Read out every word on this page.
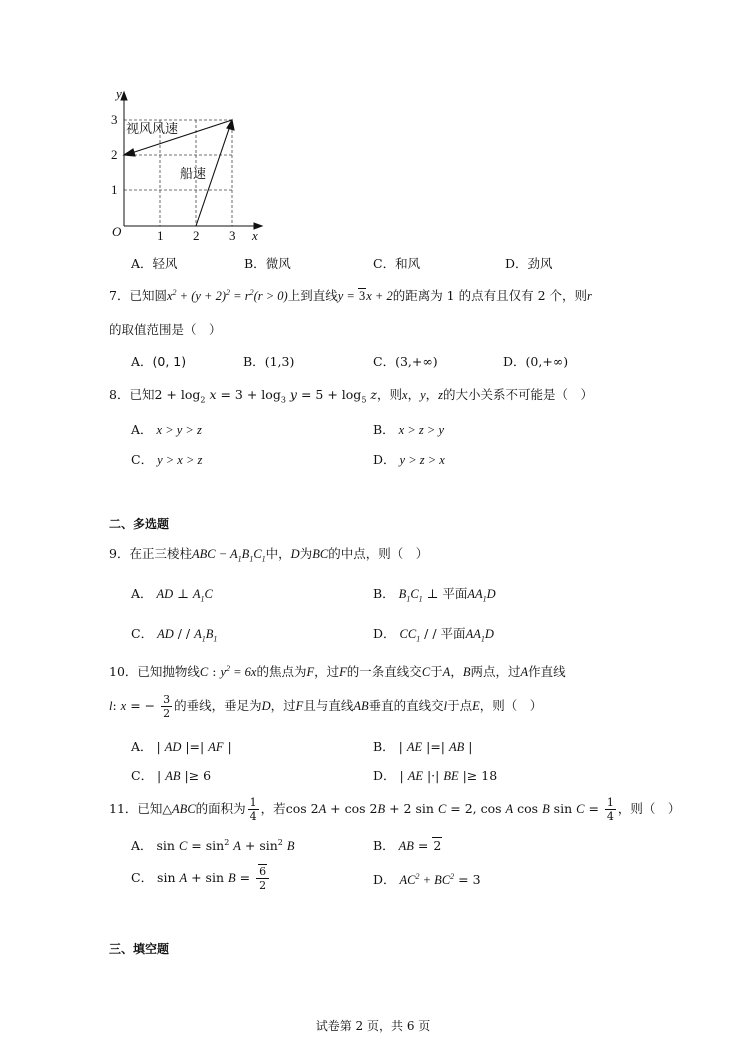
y
x
O	1 2 3
1
2
3
视风风速
船速
A．轻风	B．微风	C．和风	D．劲风
7．已知圆$x^2 + (y + 2)^2 = r^2(r > 0)$上到直线y = 3x + 2的距离为 1 的点有且仅有 2 个，则r
的取值范围是（　）
A．(0, 1)	B．(1,3)	C．(3,+∞)	D．(0,+∞)
8．已知$2 + \log_2 x = 3 + \log_3 y = 5 + \log_5 z$，则x，y，z的大小关系不可能是（　）
A． x > y > z	B． x > z > y
C． y > x > z	D． y > z > x
二、多选题
9．在正三棱柱ABC − $A_1B_1C_1$中，D为BC的中点，则（　）
A． AD ⊥ $A_1C$	B． $B_1C_1$ ⊥ 平面$AA_1D$
C． AD / / $A_1B_1$	D． $CC_1$ / / 平面$AA_1D$
10．已知抛物线C : $y^2 = 6x$的焦点为F，过F的一条直线交C于A，B两点，过A作直线
l: x = − $\frac{3}{2}$ 的垂线，垂足为D，过F且与直线AB垂直的直线交l于点E，则（　）
A． | AD |=| AF |	B． | AE |=| AB |
C． | AB |≥ 6	D． | AE |·| BE |≥ 18
11．已知△ABC的面积为 $\frac{1}{4}$ ，若cos 2A + cos 2B + 2 sin C = 2, cos A cos B $\sin C = \frac{1}{4}$ ，则（　）
A． $\sin C = \sin^2 A + \sin^2 B$	B． AB = 2
C． $\sin A + \sin B = \frac{6}{2}$	D． $AC^2 + BC^2 = 3$
三、填空题
试卷第 2 页，共 6 页
